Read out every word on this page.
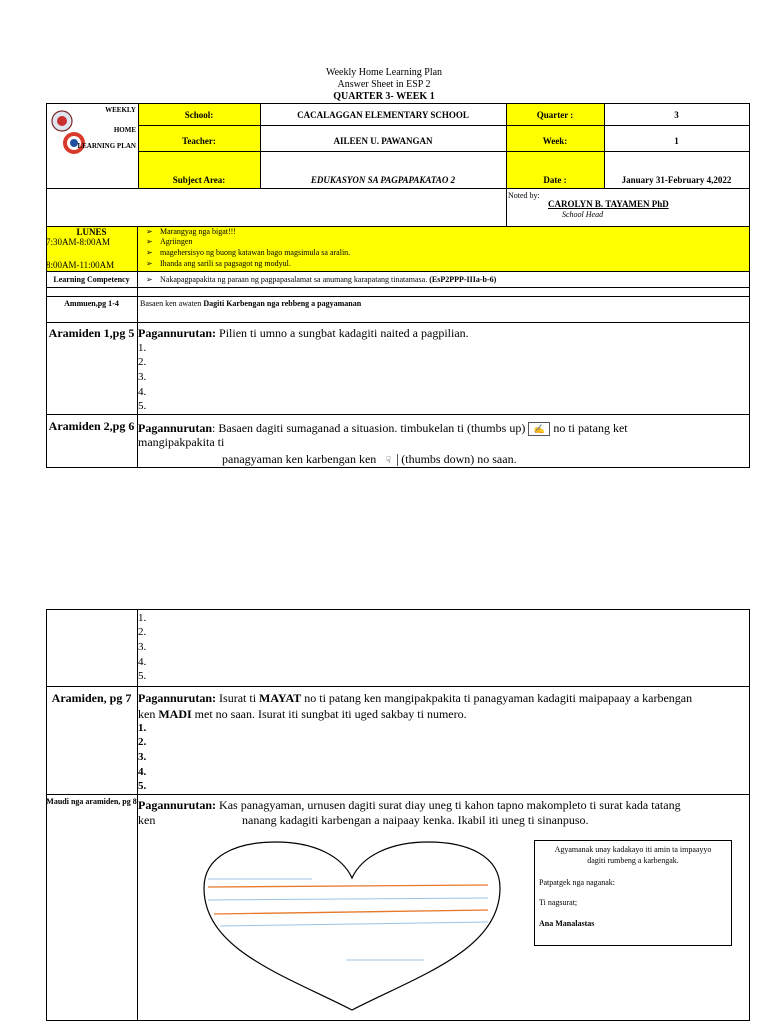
Weekly Home Learning Plan
Answer Sheet in ESP 2
QUARTER 3- WEEK 1
WEEKLY
HOME
LEARNING PLAN
School:	CACALAGGAN ELEMENTARY SCHOOL	Quarter :	3
Teacher:	AILEEN U. PAWANGAN	Week:	1
Subject Area:	EDUKASYON SA PAGPAPAKATAO 2	Date :	January 31-February 4,2022
Noted by:
CAROLYN B. TAYAMEN PhD
School Head
LUNES
7:30AM-8:00AM
8:00AM-11:00AM
➢ Marangyag nga bigat!!!
➢ Agriingen
➢ magehersisyo ng buong katawan bago magsimula sa aralin.
➢ Ihanda ang sarili sa pagsagot ng modyul.
Learning Competency	➢ Nakapagpapakita ng paraan ng pagpapasalamat sa anumang karapatang tinatamasa. (EsP2PPP-IIIa-b-6)
Ammuen,pg 1-4	Basaen ken awaten Dagiti Karbengan nga rebbeng a pagyamanan
Aramiden 1,pg 5 Pagannurutan: Pilien ti umno a sungbat kadagiti naited a pagpilian.
1.
2.
3.
4.
5.
Aramiden 2,pg 6 Pagannurutan: Basaen dagiti sumaganad a situasion. timbukelan ti (thumbs up) ✍ no ti patang ket
mangipakpakita ti
panagyaman ken karbengan ken ☟ (thumbs down) no saan.
1.
2.
3.
4.
5.
Aramiden, pg 7 Pagannurutan: Isurat ti MAYAT no ti patang ken mangipakpakita ti panagyaman kadagiti maipapaay a karbengan
ken MADI met no saan. Isurat iti sungbat iti uged sakbay ti numero.
1.
2.
3.
4.
5.
Maudi nga aramiden, pg 8 Pagannurutan: Kas panagyaman, urnusen dagiti surat diay uneg ti kahon tapno makompleto ti surat kada tatang
ken	nanang kadagiti karbengan a naipaay kenka. Ikabil iti uneg ti sinanpuso.
Agyamanak unay kadakayo iti amin ta impaayyo
dagiti rumbeng a karbengak.
Patpatgek nga naganak:
Ti nagsurat;
Ana Manalastas
